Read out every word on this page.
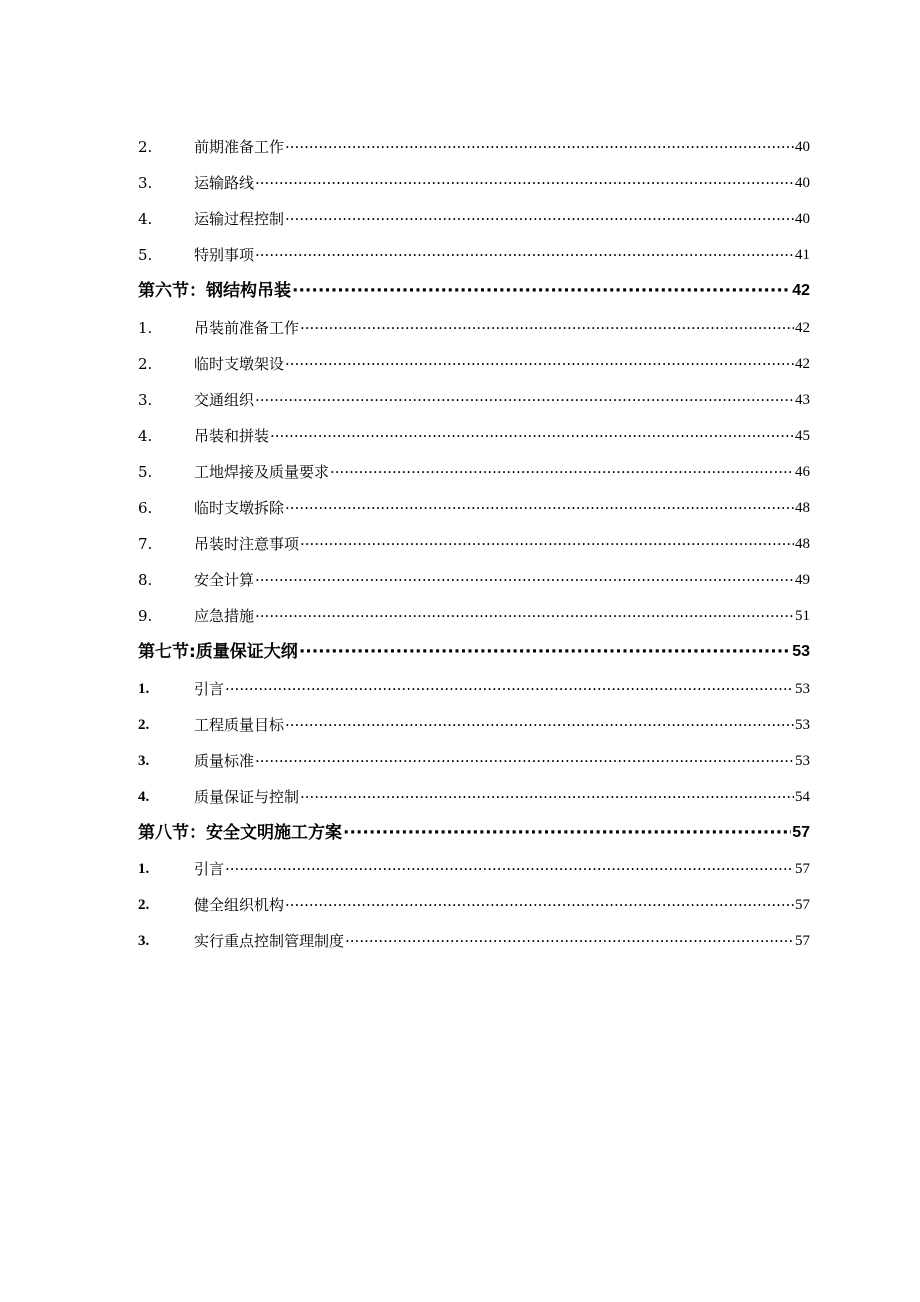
2.	前期准备工作 ·····	40
3.	运输路线 ·····	40
4.	运输过程控制 ·····	40
5.	特别事项 ·····	41
第六节：钢结构吊装 ·····	42
1.	吊装前准备工作 ·····	42
2.	临时支墩架设 ·····	42
3.	交通组织 ·····	43
4.	吊装和拼装 ·····	45
5.	工地焊接及质量要求 ·····	46
6.	临时支墩拆除 ·····	48
7.	吊装时注意事项 ·····	48
8.	安全计算 ·····	49
9.	应急措施 ·····	51
第七节:质量保证大纲 ·····	53
1.	引言 ·····	53
2.	工程质量目标 ·····	53
3.	质量标准 ·····	53
4.	质量保证与控制 ·····	54
第八节：安全文明施工方案 ·····	57
1.	引言 ·····	57
2.	健全组织机构 ·····	57
3.	实行重点控制管理制度 ·····	57
